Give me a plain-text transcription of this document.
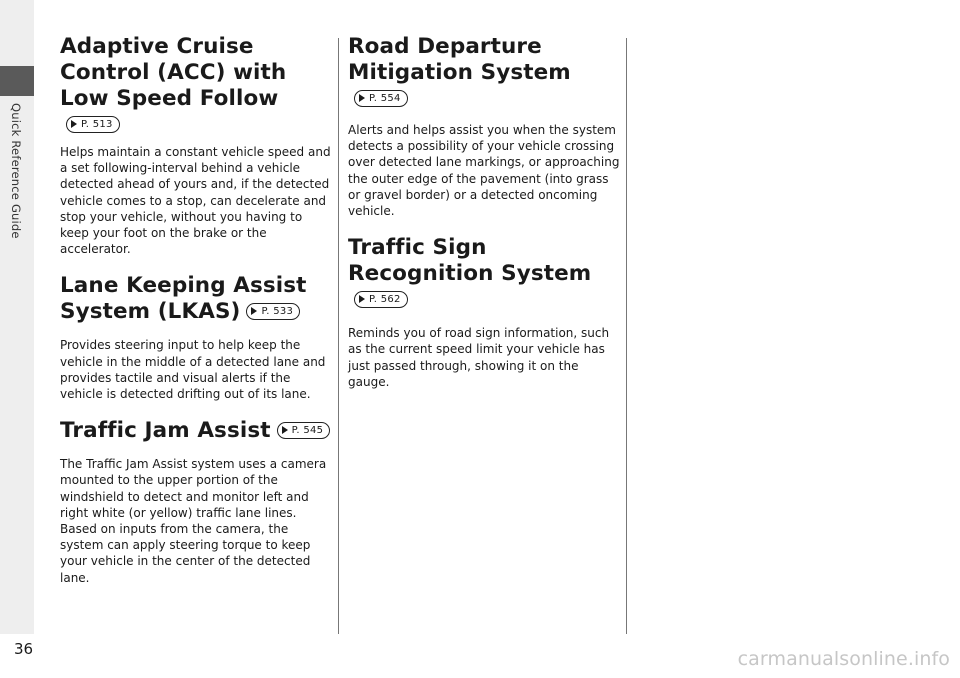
Quick Reference Guide
Adaptive Cruise Control (ACC) with Low Speed FollowP. 513

Helps maintain a constant vehicle speed and a set following-interval behind a vehicle detected ahead of yours and, if the detected vehicle comes to a stop, can decelerate and stop your vehicle, without you having to keep your foot on the brake or the accelerator.

Lane Keeping Assist System (LKAS) P. 533

Provides steering input to help keep the vehicle in the middle of a detected lane and provides tactile and visual alerts if the vehicle is detected drifting out of its lane.

Traffic Jam Assist P. 545

The Traffic Jam Assist system uses a camera mounted to the upper portion of the windshield to detect and monitor left and right white (or yellow) traffic lane lines. Based on inputs from the camera, the system can apply steering torque to keep your vehicle in the center of the detected lane.

Road Departure Mitigation SystemP. 554

Alerts and helps assist you when the system detects a possibility of your vehicle crossing over detected lane markings, or approaching the outer edge of the pavement (into grass or gravel border) or a detected oncoming vehicle.

Traffic Sign Recognition SystemP. 562

Reminds you of road sign information, such as the current speed limit your vehicle has just passed through, showing it on the gauge.

36	carmanualsonline.info
